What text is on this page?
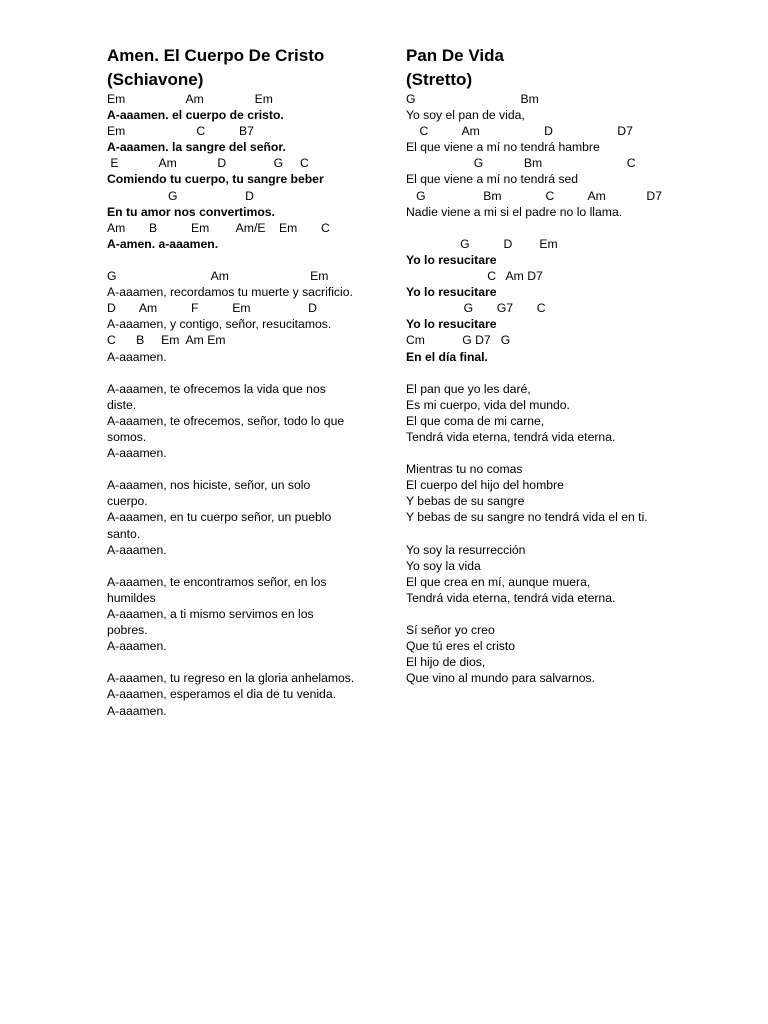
Amen. El Cuerpo De Cristo
(Schiavone)
Em                  Am               Em
A-aaamen. el cuerpo de cristo.
Em                     C          B7
A-aaamen. la sangre del señor.
E            Am            D              G     C
Comiendo tu cuerpo, tu sangre beber
G                    D
En tu amor nos convertimos.
Am       B          Em        Am/E    Em       C
A-amen. a-aaamen.
G                            Am                        Em
A-aaamen, recordamos tu muerte y sacrificio.
D       Am          F          Em                 D
A-aaamen, y contigo, señor, resucitamos.
C      B     Em  Am Em
A-aaamen.
A-aaamen, te ofrecemos la vida que nos
diste.
A-aaamen, te ofrecemos, señor, todo lo que
somos.
A-aaamen.
A-aaamen, nos hiciste, señor, un solo
cuerpo.
A-aaamen, en tu cuerpo señor, un pueblo
santo.
A-aaamen.
A-aaamen, te encontramos señor, en los
humildes
A-aaamen, a ti mismo servimos en los
pobres.
A-aaamen.
A-aaamen, tu regreso en la gloria anhelamos.
A-aaamen, esperamos el dia de tu venida.
A-aaamen.
Pan De Vida
(Stretto)
G                               Bm
Yo soy el pan de vida,
C          Am                   D                   D7
El que viene a mí no tendrá hambre
G            Bm                         C
El que viene a mí no tendrá sed
G                 Bm             C          Am            D7
Nadie viene a mi si el padre no lo llama.
G          D        Em
Yo lo resucitare
C   Am D7
Yo lo resucitare
G       G7       C
Yo lo resucitare
Cm           G D7   G
En el día final.
El pan que yo les daré,
Es mi cuerpo, vida del mundo.
El que coma de mi carne,
Tendrá vida eterna, tendrá vida eterna.
Mientras tu no comas
El cuerpo del hijo del hombre
Y bebas de su sangre
Y bebas de su sangre no tendrá vida el en ti.
Yo soy la resurrección
Yo soy la vida
El que crea en mí, aunque muera,
Tendrá vida eterna, tendrá vida eterna.
Sí señor yo creo
Que tú eres el cristo
El hijo de dios,
Que vino al mundo para salvarnos.
